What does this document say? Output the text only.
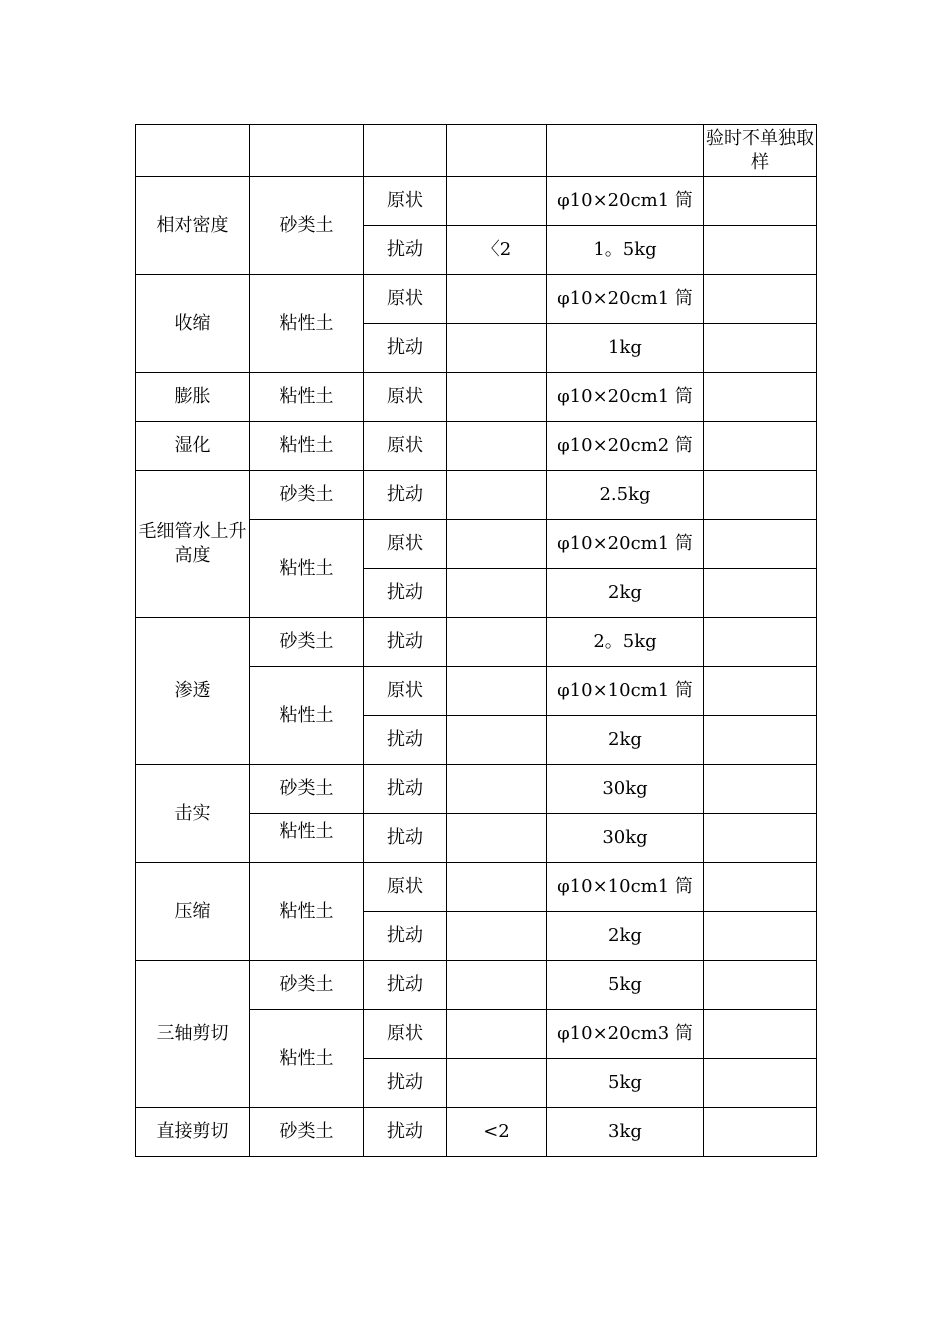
					验时不单独取样
相对密度	砂类土	原状		φ10×20cm1 筒	
		扰动	〈2	1。5kg	
收缩	粘性土	原状		φ10×20cm1 筒	
		扰动		1kg	
膨胀	粘性土	原状		φ10×20cm1 筒	
湿化	粘性土	原状		φ10×20cm2 筒	
毛细管水上升高度	砂类土	扰动		2.5kg	
	粘性土	原状		φ10×20cm1 筒	
		扰动		2kg	
渗透	砂类土	扰动		2。5kg	
	粘性土	原状		φ10×10cm1 筒	
		扰动		2kg	
击实	砂类土	扰动		30kg	
	粘性土	扰动		30kg	
压缩	粘性土	原状		φ10×10cm1 筒	
		扰动		2kg	
三轴剪切	砂类土	扰动		5kg	
	粘性土	原状		φ10×20cm3 筒	
		扰动		5kg	
直接剪切	砂类土	扰动	<2	3kg	
